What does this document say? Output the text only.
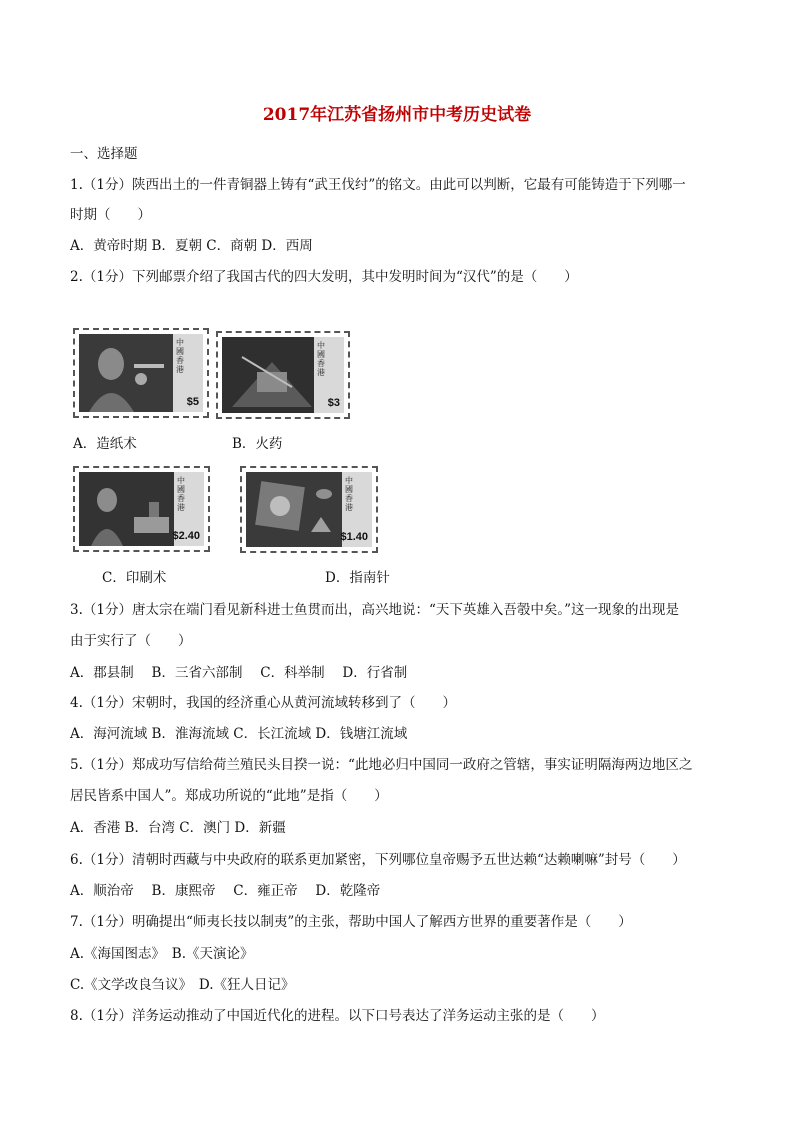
2017年江苏省扬州市中考历史试卷
一、选择题
1.（1分）陕西出土的一件青铜器上铸有“武王伐纣”的铭文。由此可以判断，它最有可能铸造于下列哪一
时期（　　）
A．黄帝时期 B．夏朝 C．商朝 D．西周
2.（1分）下列邮票介绍了我国古代的四大发明，其中发明时间为“汉代”的是（　　）
中國香港
$5
中國香港
$3
A．造纸术	B．火药
中國香港
$2.40
中國香港
$1.40
C．印刷术	D．指南针
3.（1分）唐太宗在端门看见新科进士鱼贯而出，高兴地说：“天下英雄入吾彀中矣。”这一现象的出现是
由于实行了（　　）
A．郡县制　 B．三省六部制　 C．科举制　 D．行省制
4.（1分）宋朝时，我国的经济重心从黄河流域转移到了（　　）
A．海河流域 B．淮海流域 C．长江流域 D．钱塘江流域
5.（1分）郑成功写信给荷兰殖民头目揆一说：“此地必归中国同一政府之管辖，事实证明隔海两边地区之
居民皆系中国人”。郑成功所说的“此地”是指（　　）
A．香港 B．台湾 C．澳门 D．新疆
6.（1分）清朝时西藏与中央政府的联系更加紧密，下列哪位皇帝赐予五世达赖“达赖喇嘛”封号（　　）
A．顺治帝　 B．康熙帝　 C．雍正帝　 D．乾隆帝
7.（1分）明确提出“师夷长技以制夷”的主张，帮助中国人了解西方世界的重要著作是（　　）
A.《海国图志》　B.《天演论》
C.《文学改良刍议》　D.《狂人日记》
8.（1分）洋务运动推动了中国近代化的进程。以下口号表达了洋务运动主张的是（　　）
